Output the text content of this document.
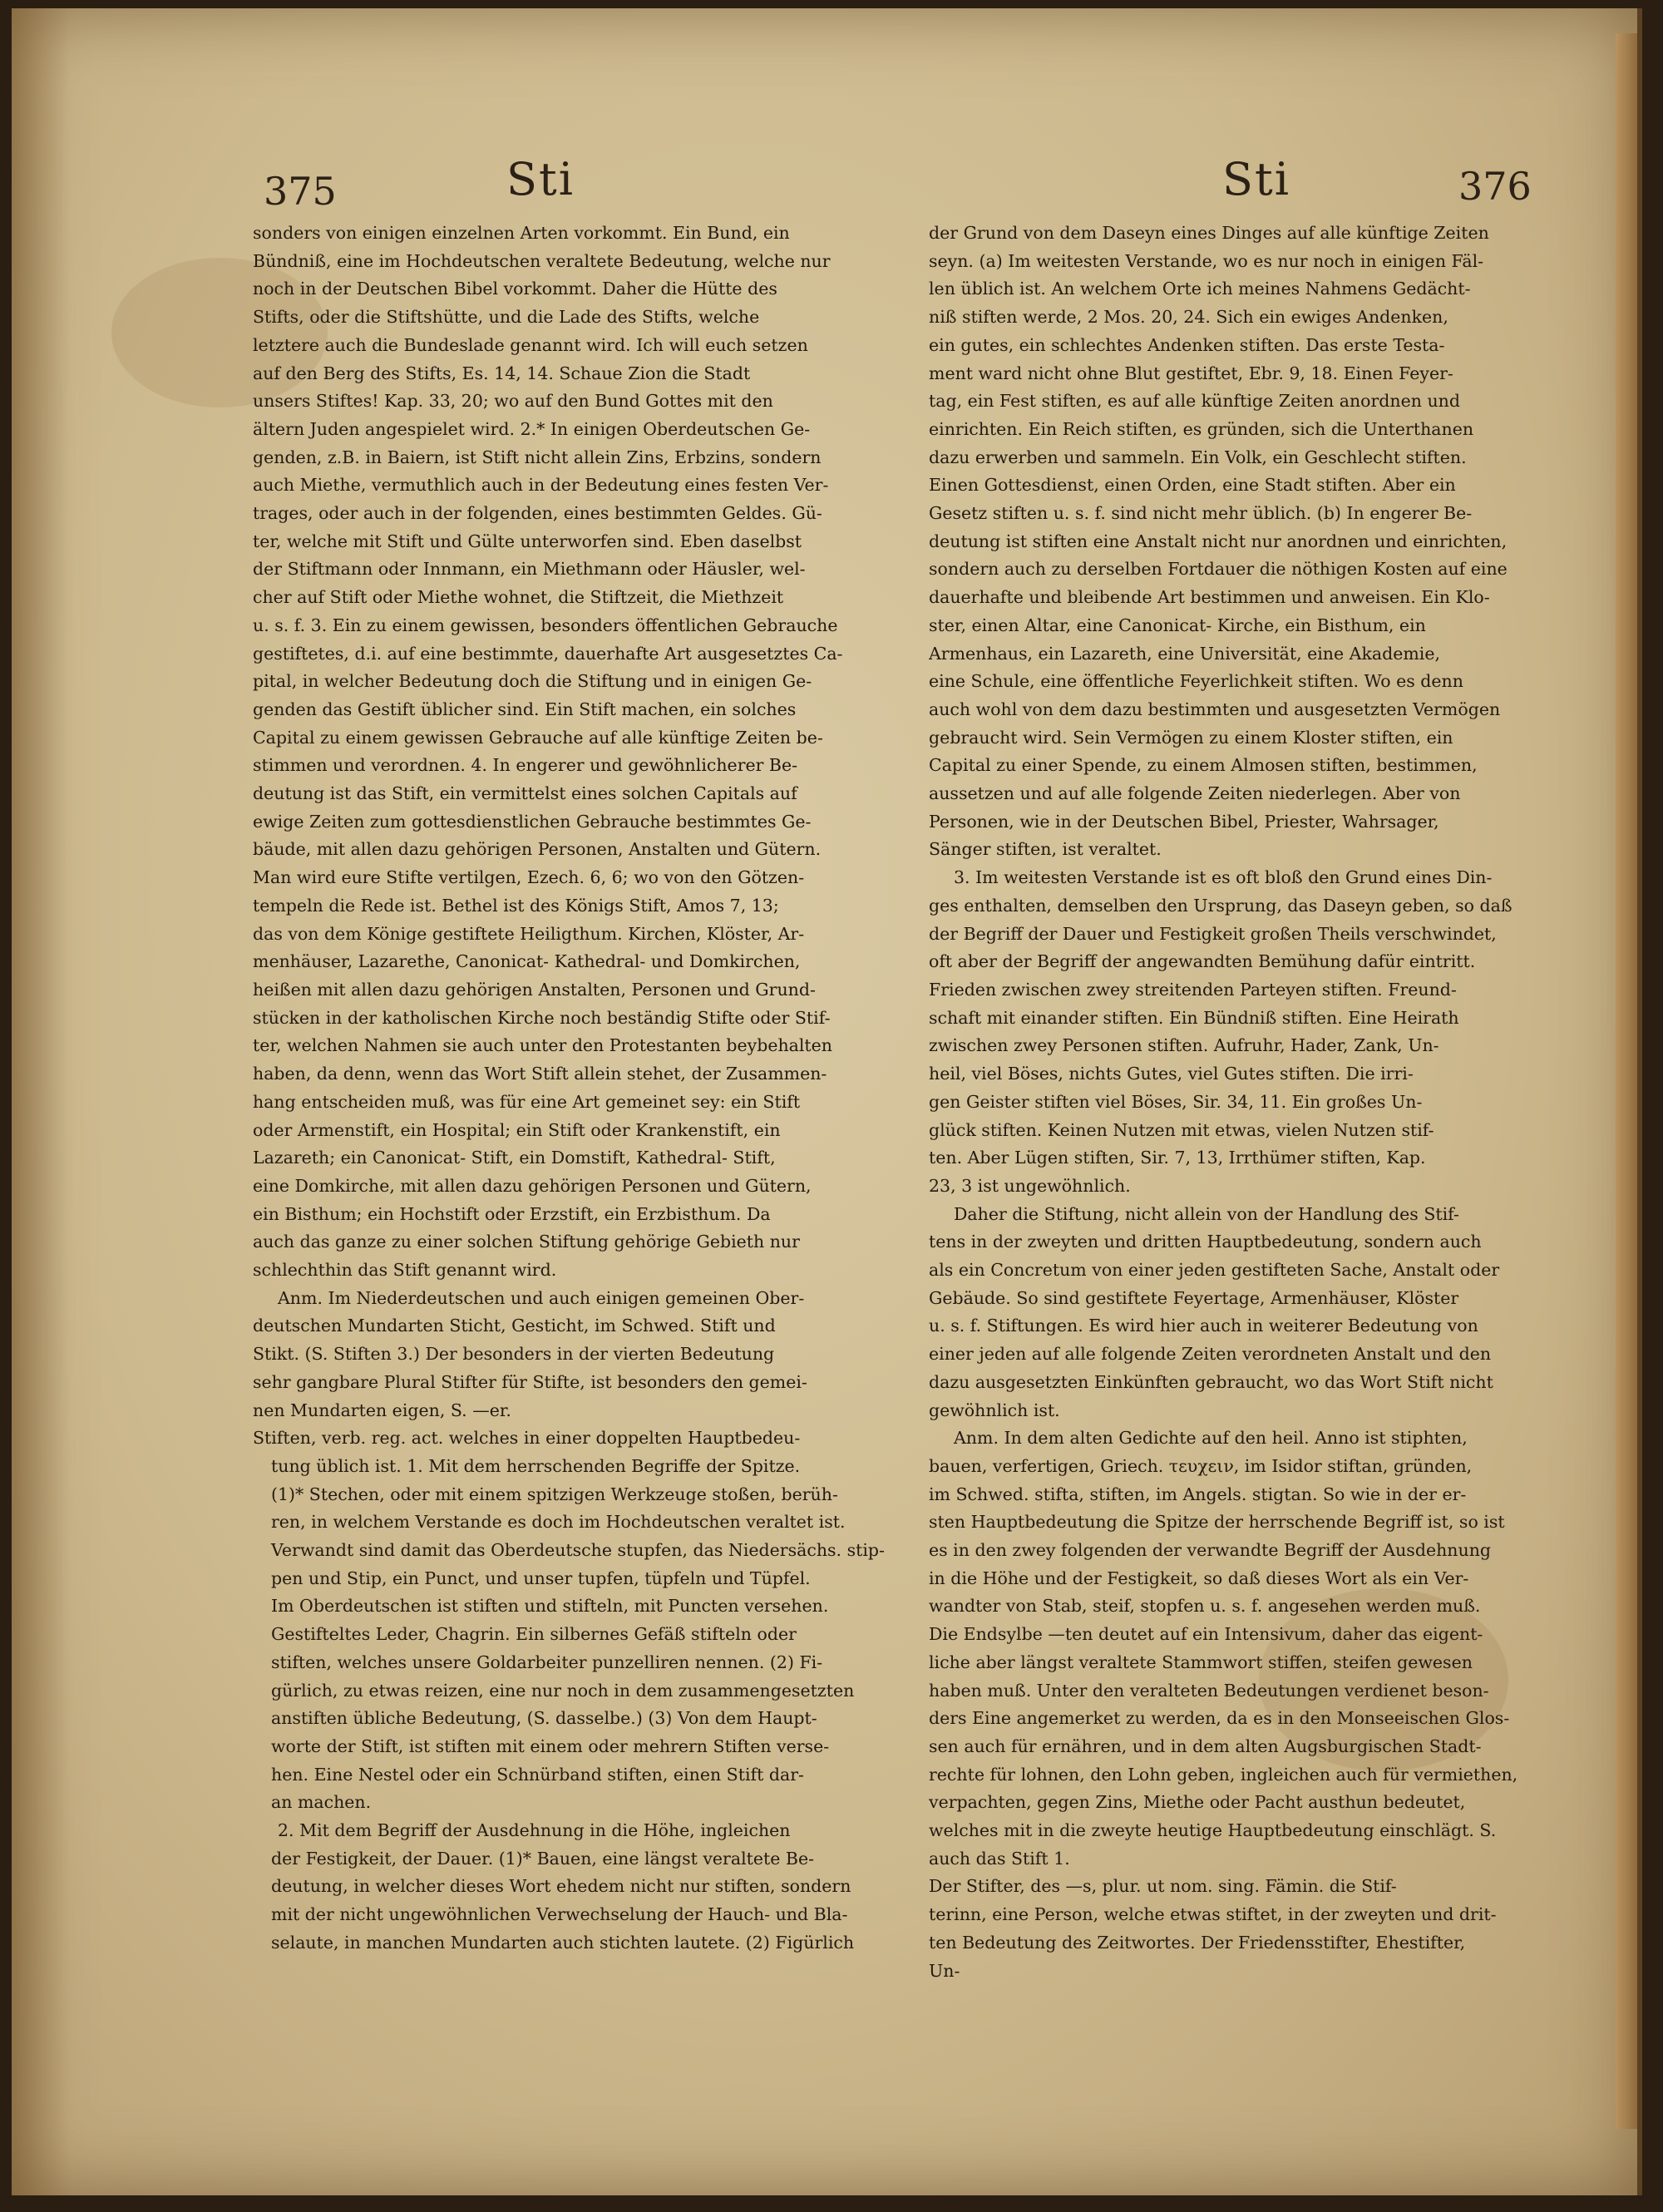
375	Sti	Sti	376
sonders von einigen einzelnen Arten vorkommt. Ein Bund, ein
Bündniß, eine im Hochdeutschen veraltete Bedeutung, welche nur
noch in der Deutschen Bibel vorkommt. Daher die Hütte des
Stifts, oder die Stiftshütte, und die Lade des Stifts, welche
letztere auch die Bundeslade genannt wird. Ich will euch setzen
auf den Berg des Stifts, Es. 14, 14. Schaue Zion die Stadt
unsers Stiftes! Kap. 33, 20; wo auf den Bund Gottes mit den
ältern Juden angespielet wird. 2.* In einigen Oberdeutschen Ge-
genden, z.B. in Baiern, ist Stift nicht allein Zins, Erbzins, sondern
auch Miethe, vermuthlich auch in der Bedeutung eines festen Ver-
trages, oder auch in der folgenden, eines bestimmten Geldes. Gü-
ter, welche mit Stift und Gülte unterworfen sind. Eben daselbst
der Stiftmann oder Innmann, ein Miethmann oder Häusler, wel-
cher auf Stift oder Miethe wohnet, die Stiftzeit, die Miethzeit
u. s. f. 3. Ein zu einem gewissen, besonders öffentlichen Gebrauche
gestiftetes, d.i. auf eine bestimmte, dauerhafte Art ausgesetztes Ca-
pital, in welcher Bedeutung doch die Stiftung und in einigen Ge-
genden das Gestift üblicher sind. Ein Stift machen, ein solches
Capital zu einem gewissen Gebrauche auf alle künftige Zeiten be-
stimmen und verordnen. 4. In engerer und gewöhnlicherer Be-
deutung ist das Stift, ein vermittelst eines solchen Capitals auf
ewige Zeiten zum gottesdienstlichen Gebrauche bestimmtes Ge-
bäude, mit allen dazu gehörigen Personen, Anstalten und Gütern.
Man wird eure Stifte vertilgen, Ezech. 6, 6; wo von den Götzen-
tempeln die Rede ist. Bethel ist des Königs Stift, Amos 7, 13;
das von dem Könige gestiftete Heiligthum. Kirchen, Klöster, Ar-
menhäuser, Lazarethe, Canonicat- Kathedral- und Domkirchen,
heißen mit allen dazu gehörigen Anstalten, Personen und Grund-
stücken in der katholischen Kirche noch beständig Stifte oder Stif-
ter, welchen Nahmen sie auch unter den Protestanten beybehalten
haben, da denn, wenn das Wort Stift allein stehet, der Zusammen-
hang entscheiden muß, was für eine Art gemeinet sey: ein Stift
oder Armenstift, ein Hospital; ein Stift oder Krankenstift, ein
Lazareth; ein Canonicat- Stift, ein Domstift, Kathedral- Stift,
eine Domkirche, mit allen dazu gehörigen Personen und Gütern,
ein Bisthum; ein Hochstift oder Erzstift, ein Erzbisthum. Da
auch das ganze zu einer solchen Stiftung gehörige Gebieth nur
schlechthin das Stift genannt wird.
Anm. Im Niederdeutschen und auch einigen gemeinen Ober-
deutschen Mundarten Sticht, Gesticht, im Schwed. Stift und
Stikt. (S. Stiften 3.) Der besonders in der vierten Bedeutung
sehr gangbare Plural Stifter für Stifte, ist besonders den gemei-
nen Mundarten eigen, S. —er.
Stiften, verb. reg. act. welches in einer doppelten Hauptbedeu-
tung üblich ist. 1. Mit dem herrschenden Begriffe der Spitze.
(1)* Stechen, oder mit einem spitzigen Werkzeuge stoßen, berüh-
ren, in welchem Verstande es doch im Hochdeutschen veraltet ist.
Verwandt sind damit das Oberdeutsche stupfen, das Niedersächs. stip-
pen und Stip, ein Punct, und unser tupfen, tüpfeln und Tüpfel.
Im Oberdeutschen ist stiften und stifteln, mit Puncten versehen.
Gestifteltes Leder, Chagrin. Ein silbernes Gefäß stifteln oder
stiften, welches unsere Goldarbeiter punzelliren nennen. (2) Fi-
gürlich, zu etwas reizen, eine nur noch in dem zusammengesetzten
anstiften übliche Bedeutung, (S. dasselbe.) (3) Von dem Haupt-
worte der Stift, ist stiften mit einem oder mehrern Stiften verse-
hen. Eine Nestel oder ein Schnürband stiften, einen Stift dar-
an machen.
2. Mit dem Begriff der Ausdehnung in die Höhe, ingleichen
der Festigkeit, der Dauer. (1)* Bauen, eine längst veraltete Be-
deutung, in welcher dieses Wort ehedem nicht nur stiften, sondern
mit der nicht ungewöhnlichen Verwechselung der Hauch- und Bla-
selaute, in manchen Mundarten auch stichten lautete. (2) Figürlich
der Grund von dem Daseyn eines Dinges auf alle künftige Zeiten
seyn. (a) Im weitesten Verstande, wo es nur noch in einigen Fäl-
len üblich ist. An welchem Orte ich meines Nahmens Gedächt-
niß stiften werde, 2 Mos. 20, 24. Sich ein ewiges Andenken,
ein gutes, ein schlechtes Andenken stiften. Das erste Testa-
ment ward nicht ohne Blut gestiftet, Ebr. 9, 18. Einen Feyer-
tag, ein Fest stiften, es auf alle künftige Zeiten anordnen und
einrichten. Ein Reich stiften, es gründen, sich die Unterthanen
dazu erwerben und sammeln. Ein Volk, ein Geschlecht stiften.
Einen Gottesdienst, einen Orden, eine Stadt stiften. Aber ein
Gesetz stiften u. s. f. sind nicht mehr üblich. (b) In engerer Be-
deutung ist stiften eine Anstalt nicht nur anordnen und einrichten,
sondern auch zu derselben Fortdauer die nöthigen Kosten auf eine
dauerhafte und bleibende Art bestimmen und anweisen. Ein Klo-
ster, einen Altar, eine Canonicat- Kirche, ein Bisthum, ein
Armenhaus, ein Lazareth, eine Universität, eine Akademie,
eine Schule, eine öffentliche Feyerlichkeit stiften. Wo es denn
auch wohl von dem dazu bestimmten und ausgesetzten Vermögen
gebraucht wird. Sein Vermögen zu einem Kloster stiften, ein
Capital zu einer Spende, zu einem Almosen stiften, bestimmen,
aussetzen und auf alle folgende Zeiten niederlegen. Aber von
Personen, wie in der Deutschen Bibel, Priester, Wahrsager,
Sänger stiften, ist veraltet.
3. Im weitesten Verstande ist es oft bloß den Grund eines Din-
ges enthalten, demselben den Ursprung, das Daseyn geben, so daß
der Begriff der Dauer und Festigkeit großen Theils verschwindet,
oft aber der Begriff der angewandten Bemühung dafür eintritt.
Frieden zwischen zwey streitenden Parteyen stiften. Freund-
schaft mit einander stiften. Ein Bündniß stiften. Eine Heirath
zwischen zwey Personen stiften. Aufruhr, Hader, Zank, Un-
heil, viel Böses, nichts Gutes, viel Gutes stiften. Die irri-
gen Geister stiften viel Böses, Sir. 34, 11. Ein großes Un-
glück stiften. Keinen Nutzen mit etwas, vielen Nutzen stif-
ten. Aber Lügen stiften, Sir. 7, 13, Irrthümer stiften, Kap.
23, 3 ist ungewöhnlich.
Daher die Stiftung, nicht allein von der Handlung des Stif-
tens in der zweyten und dritten Hauptbedeutung, sondern auch
als ein Concretum von einer jeden gestifteten Sache, Anstalt oder
Gebäude. So sind gestiftete Feyertage, Armenhäuser, Klöster
u. s. f. Stiftungen. Es wird hier auch in weiterer Bedeutung von
einer jeden auf alle folgende Zeiten verordneten Anstalt und den
dazu ausgesetzten Einkünften gebraucht, wo das Wort Stift nicht
gewöhnlich ist.
Anm. In dem alten Gedichte auf den heil. Anno ist stiphten,
bauen, verfertigen, Griech. τευχειν, im Isidor stiftan, gründen,
im Schwed. stifta, stiften, im Angels. stigtan. So wie in der er-
sten Hauptbedeutung die Spitze der herrschende Begriff ist, so ist
es in den zwey folgenden der verwandte Begriff der Ausdehnung
in die Höhe und der Festigkeit, so daß dieses Wort als ein Ver-
wandter von Stab, steif, stopfen u. s. f. angesehen werden muß.
Die Endsylbe —ten deutet auf ein Intensivum, daher das eigent-
liche aber längst veraltete Stammwort stiffen, steifen gewesen
haben muß. Unter den veralteten Bedeutungen verdienet beson-
ders Eine angemerket zu werden, da es in den Monseeischen Glos-
sen auch für ernähren, und in dem alten Augsburgischen Stadt-
rechte für lohnen, den Lohn geben, ingleichen auch für vermiethen,
verpachten, gegen Zins, Miethe oder Pacht austhun bedeutet,
welches mit in die zweyte heutige Hauptbedeutung einschlägt. S.
auch das Stift 1.
Der Stifter, des —s, plur. ut nom. sing. Fämin. die Stif-
terinn, eine Person, welche etwas stiftet, in der zweyten und drit-
ten Bedeutung des Zeitwortes. Der Friedensstifter, Ehestifter,
Un-
